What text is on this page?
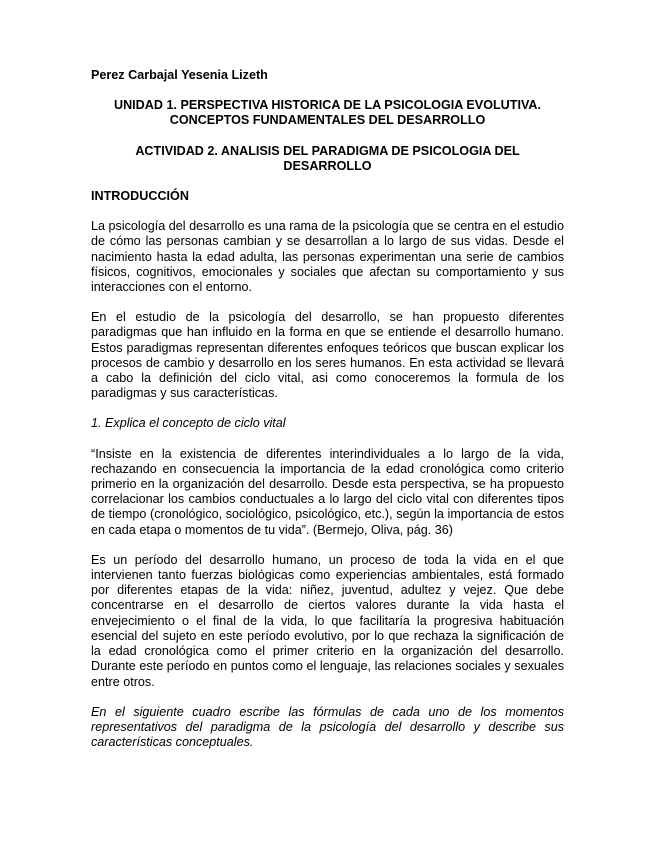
Perez Carbajal Yesenia Lizeth

UNIDAD 1. PERSPECTIVA HISTORICA DE LA PSICOLOGIA EVOLUTIVA. CONCEPTOS FUNDAMENTALES DEL DESARROLLO

ACTIVIDAD 2. ANALISIS DEL PARADIGMA DE PSICOLOGIA DEL DESARROLLO

INTRODUCCIÓN

La psicología del desarrollo es una rama de la psicología que se centra en el estudio de cómo las personas cambian y se desarrollan a lo largo de sus vidas. Desde el nacimiento hasta la edad adulta, las personas experimentan una serie de cambios físicos, cognitivos, emocionales y sociales que afectan su comportamiento y sus interacciones con el entorno.

En el estudio de la psicología del desarrollo, se han propuesto diferentes paradigmas que han influido en la forma en que se entiende el desarrollo humano. Estos paradigmas representan diferentes enfoques teóricos que buscan explicar los procesos de cambio y desarrollo en los seres humanos. En esta actividad se llevará a cabo la definición del ciclo vital, asi como conoceremos la formula de los paradigmas y sus características.

1. Explica el concepto de ciclo vital

“Insiste en la existencia de diferentes interindividuales a lo largo de la vida, rechazando en consecuencia la importancia de la edad cronológica como criterio primerio en la organización del desarrollo. Desde esta perspectiva, se ha propuesto correlacionar los cambios conductuales a lo largo del ciclo vital con diferentes tipos de tiempo (cronológico, sociológico, psicológico, etc.), según la importancia de estos en cada etapa o momentos de tu vida”. (Bermejo, Oliva, pág. 36)

Es un período del desarrollo humano, un proceso de toda la vida en el que intervienen tanto fuerzas biológicas como experiencias ambientales, está formado por diferentes etapas de la vida: niñez, juventud, adultez y vejez. Que debe concentrarse en el desarrollo de ciertos valores durante la vida hasta el envejecimiento o el final de la vida, lo que facilitaría la progresiva habituación esencial del sujeto en este período evolutivo, por lo que rechaza la significación de la edad cronológica como el primer criterio en la organización del desarrollo. Durante este período en puntos como el lenguaje, las relaciones sociales y sexuales entre otros.

En el siguiente cuadro escribe las fórmulas de cada uno de los momentos representativos del paradigma de la psicología del desarrollo y describe sus características conceptuales.
